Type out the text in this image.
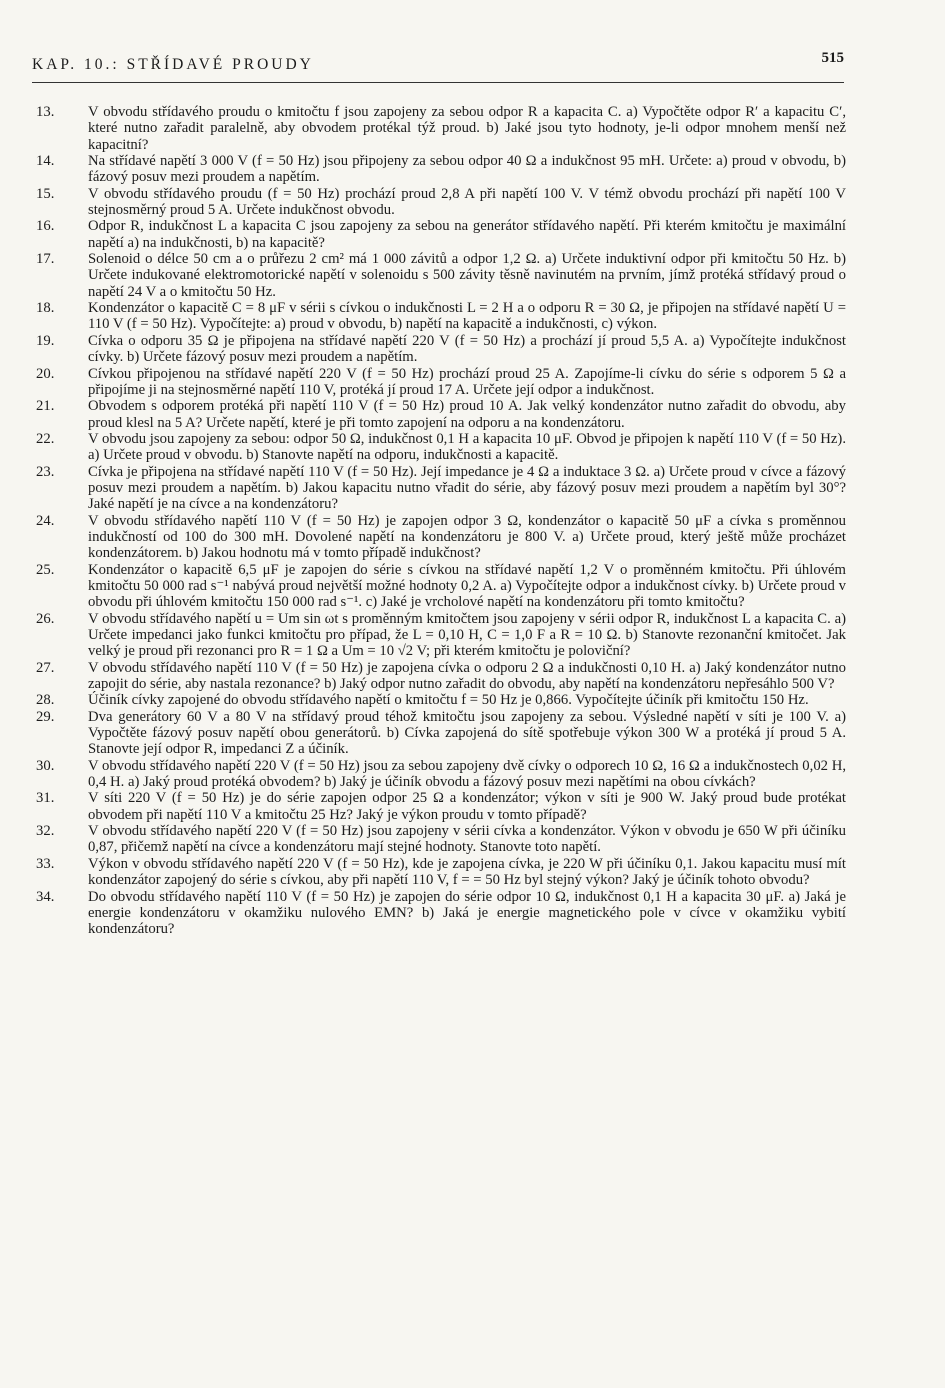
KAP. 10.: STŘÍDAVÉ PROUDY	515
13.	V obvodu střídavého proudu o kmitočtu f jsou zapojeny za sebou odpor R a kapacita C. a) Vypočtěte odpor R′ a kapacitu C′, které nutno zařadit paralelně, aby obvodem protékal týž proud. b) Jaké jsou tyto hodnoty, je-li odpor mnohem menší než kapacitní?
14.	Na střídavé napětí 3 000 V (f = 50 Hz) jsou připojeny za sebou odpor 40 Ω a indukčnost 95 mH. Určete: a) proud v obvodu, b) fázový posuv mezi proudem a napětím.
15.	V obvodu střídavého proudu (f = 50 Hz) prochází proud 2,8 A při napětí 100 V. V témž obvodu prochází při napětí 100 V stejnosměrný proud 5 A. Určete indukčnost obvodu.
16.	Odpor R, indukčnost L a kapacita C jsou zapojeny za sebou na generátor střídavého napětí. Při kterém kmitočtu je maximální napětí a) na indukčnosti, b) na kapacitě?
17.	Solenoid o délce 50 cm a o průřezu 2 cm² má 1 000 závitů a odpor 1,2 Ω. a) Určete induktivní odpor při kmitočtu 50 Hz. b) Určete indukované elektromotorické napětí v solenoidu s 500 závity těsně navinutém na prvním, jímž protéká střídavý proud o napětí 24 V a o kmitočtu 50 Hz.
18.	Kondenzátor o kapacitě C = 8 μF v sérii s cívkou o indukčnosti L = 2 H a o odporu R = 30 Ω, je připojen na střídavé napětí U = 110 V (f = 50 Hz). Vypočítejte: a) proud v obvodu, b) napětí na kapacitě a indukčnosti, c) výkon.
19.	Cívka o odporu 35 Ω je připojena na střídavé napětí 220 V (f = 50 Hz) a prochází jí proud 5,5 A. a) Vypočítejte indukčnost cívky. b) Určete fázový posuv mezi proudem a napětím.
20.	Cívkou připojenou na střídavé napětí 220 V (f = 50 Hz) prochází proud 25 A. Zapojíme-li cívku do série s odporem 5 Ω a připojíme ji na stejnosměrné napětí 110 V, protéká jí proud 17 A. Určete její odpor a indukčnost.
21.	Obvodem s odporem protéká při napětí 110 V (f = 50 Hz) proud 10 A. Jak velký kondenzátor nutno zařadit do obvodu, aby proud klesl na 5 A? Určete napětí, které je při tomto zapojení na odporu a na kondenzátoru.
22.	V obvodu jsou zapojeny za sebou: odpor 50 Ω, indukčnost 0,1 H a kapacita 10 μF. Obvod je připojen k napětí 110 V (f = 50 Hz). a) Určete proud v obvodu. b) Stanovte napětí na odporu, indukčnosti a kapacitě.
23.	Cívka je připojena na střídavé napětí 110 V (f = 50 Hz). Její impedance je 4 Ω a induktace 3 Ω. a) Určete proud v cívce a fázový posuv mezi proudem a napětím. b) Jakou kapacitu nutno vřadit do série, aby fázový posuv mezi proudem a napětím byl 30°? Jaké napětí je na cívce a na kondenzátoru?
24.	V obvodu střídavého napětí 110 V (f = 50 Hz) je zapojen odpor 3 Ω, kondenzátor o kapacitě 50 μF a cívka s proměnnou indukčností od 100 do 300 mH. Dovolené napětí na kondenzátoru je 800 V. a) Určete proud, který ještě může procházet kondenzátorem. b) Jakou hodnotu má v tomto případě indukčnost?
25.	Kondenzátor o kapacitě 6,5 μF je zapojen do série s cívkou na střídavé napětí 1,2 V o proměnném kmitočtu. Při úhlovém kmitočtu 50 000 rad s⁻¹ nabývá proud největší možné hodnoty 0,2 A. a) Vypočítejte odpor a indukčnost cívky. b) Určete proud v obvodu při úhlovém kmitočtu 150 000 rad s⁻¹. c) Jaké je vrcholové napětí na kondenzátoru při tomto kmitočtu?
26.	V obvodu střídavého napětí u = Um sin ωt s proměnným kmitočtem jsou zapojeny v sérii odpor R, indukčnost L a kapacita C. a) Určete impedanci jako funkci kmitočtu pro případ, že L = 0,10 H, C = 1,0 F a R = 10 Ω. b) Stanovte rezonanční kmitočet. Jak velký je proud při rezonanci pro R = 1 Ω a Um = 10 √2 V; při kterém kmitočtu je poloviční?
27.	V obvodu střídavého napětí 110 V (f = 50 Hz) je zapojena cívka o odporu 2 Ω a indukčnosti 0,10 H. a) Jaký kondenzátor nutno zapojit do série, aby nastala rezonance? b) Jaký odpor nutno zařadit do obvodu, aby napětí na kondenzátoru nepřesáhlo 500 V?
28.	Účiník cívky zapojené do obvodu střídavého napětí o kmitočtu f = 50 Hz je 0,866. Vypočítejte účiník při kmitočtu 150 Hz.
29.	Dva generátory 60 V a 80 V na střídavý proud téhož kmitočtu jsou zapojeny za sebou. Výsledné napětí v síti je 100 V. a) Vypočtěte fázový posuv napětí obou generátorů. b) Cívka zapojená do sítě spotřebuje výkon 300 W a protéká jí proud 5 A. Stanovte její odpor R, impedanci Z a účiník.
30.	V obvodu střídavého napětí 220 V (f = 50 Hz) jsou za sebou zapojeny dvě cívky o odporech 10 Ω, 16 Ω a indukčnostech 0,02 H, 0,4 H. a) Jaký proud protéká obvodem? b) Jaký je účiník obvodu a fázový posuv mezi napětími na obou cívkách?
31.	V síti 220 V (f = 50 Hz) je do série zapojen odpor 25 Ω a kondenzátor; výkon v síti je 900 W. Jaký proud bude protékat obvodem při napětí 110 V a kmitočtu 25 Hz? Jaký je výkon proudu v tomto případě?
32.	V obvodu střídavého napětí 220 V (f = 50 Hz) jsou zapojeny v sérii cívka a kondenzátor. Výkon v obvodu je 650 W při účiníku 0,87, přičemž napětí na cívce a kondenzátoru mají stejné hodnoty. Stanovte toto napětí.
33.	Výkon v obvodu střídavého napětí 220 V (f = 50 Hz), kde je zapojena cívka, je 220 W při účiníku 0,1. Jakou kapacitu musí mít kondenzátor zapojený do série s cívkou, aby při napětí 110 V, f = = 50 Hz byl stejný výkon? Jaký je účiník tohoto obvodu?
34.	Do obvodu střídavého napětí 110 V (f = 50 Hz) je zapojen do série odpor 10 Ω, indukčnost 0,1 H a kapacita 30 μF. a) Jaká je energie kondenzátoru v okamžiku nulového EMN? b) Jaká je energie magnetického pole v cívce v okamžiku vybití kondenzátoru?
